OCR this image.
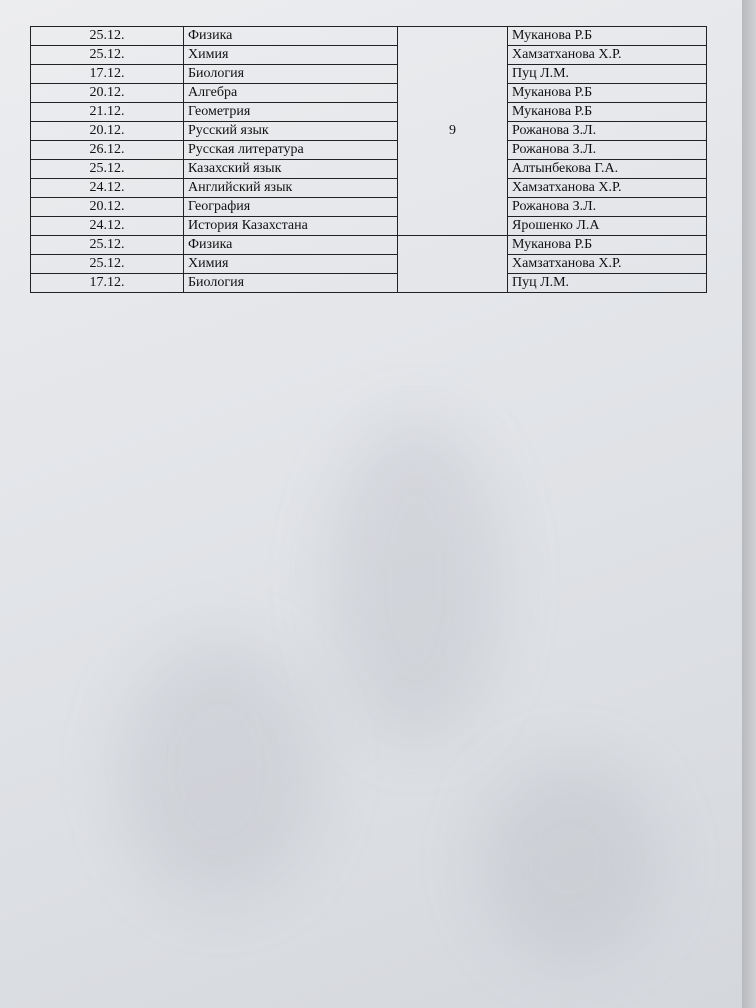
25.12.	Физика	9	Муканова Р.Б
25.12.	Химия		Хамзатханова Х.Р.
17.12.	Биология		Пуц Л.М.
20.12.	Алгебра		Муканова Р.Б
21.12.	Геометрия		Муканова Р.Б
20.12.	Русский язык		Рожанова З.Л.
26.12.	Русская литература		Рожанова З.Л.
25.12.	Казахский язык		Алтынбекова Г.А.
24.12.	Английский язык		Хамзатханова Х.Р.
20.12.	География		Рожанова З.Л.
24.12.	История Казахстана		Ярошенко Л.А
25.12.	Физика		Муканова Р.Б
25.12.	Химия		Хамзатханова Х.Р.
17.12.	Биология		Пуц Л.М.
